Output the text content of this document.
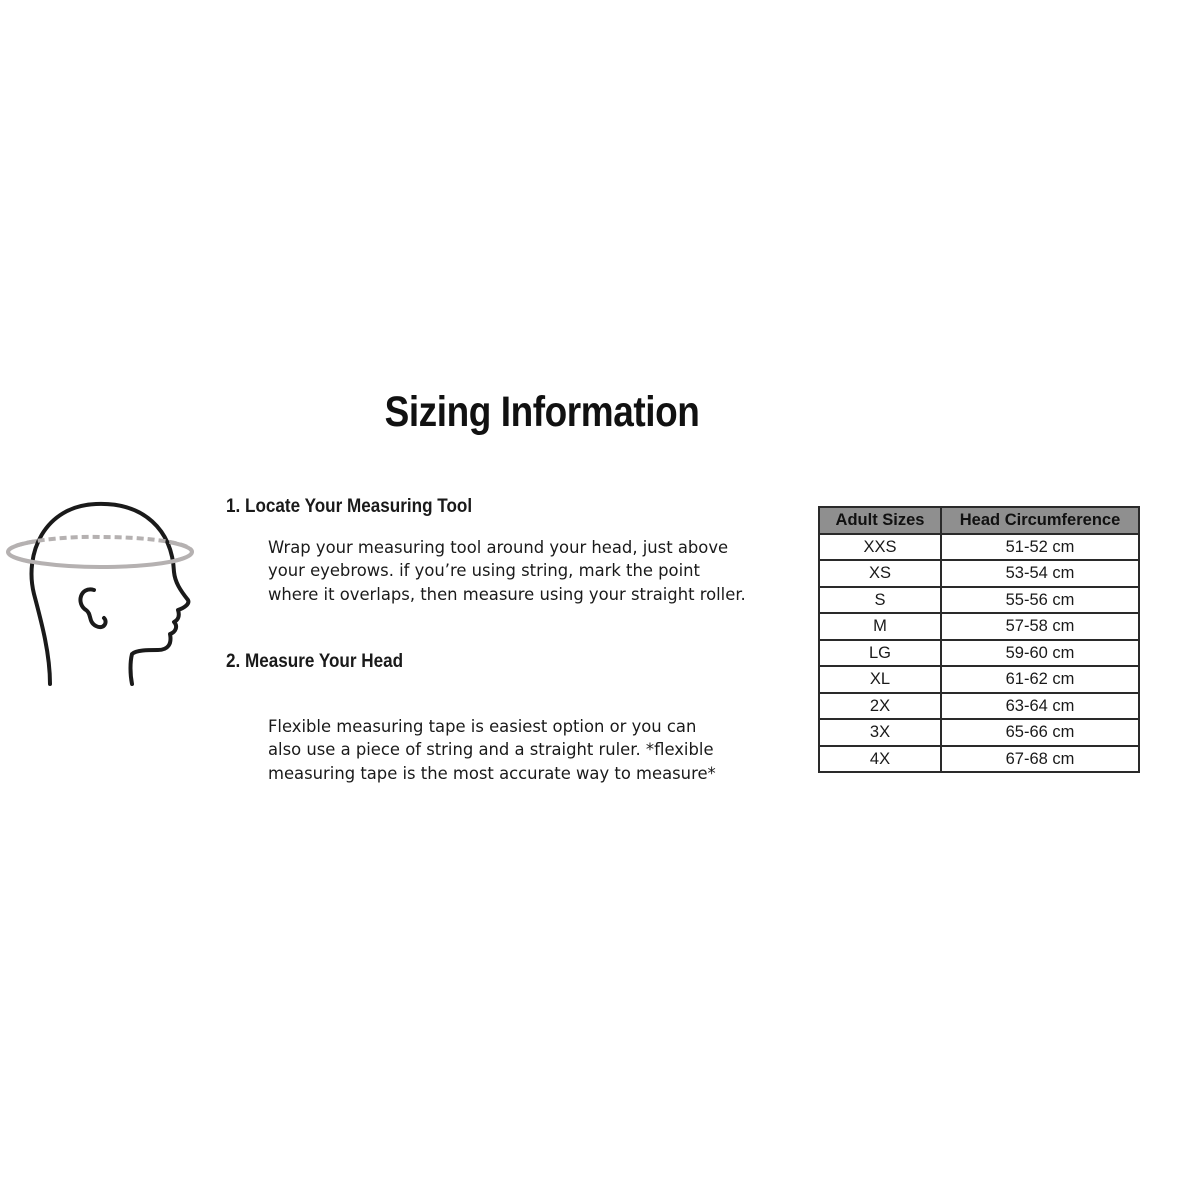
Sizing Information
1. Locate Your Measuring Tool

Wrap your measuring tool around your head, just above
your eyebrows. if you’re using string, mark the point
where it overlaps, then measure using your straight roller.

2. Measure Your Head

Flexible measuring tape is easiest option or you can
also use a piece of string and a straight ruler. *flexible
measuring tape is the most accurate way to measure*

Adult Sizes	Head Circumference
XXS	51-52 cm
XS	53-54 cm
S	55-56 cm
M	57-58 cm
LG	59-60 cm
XL	61-62 cm
2X	63-64 cm
3X	65-66 cm
4X	67-68 cm
